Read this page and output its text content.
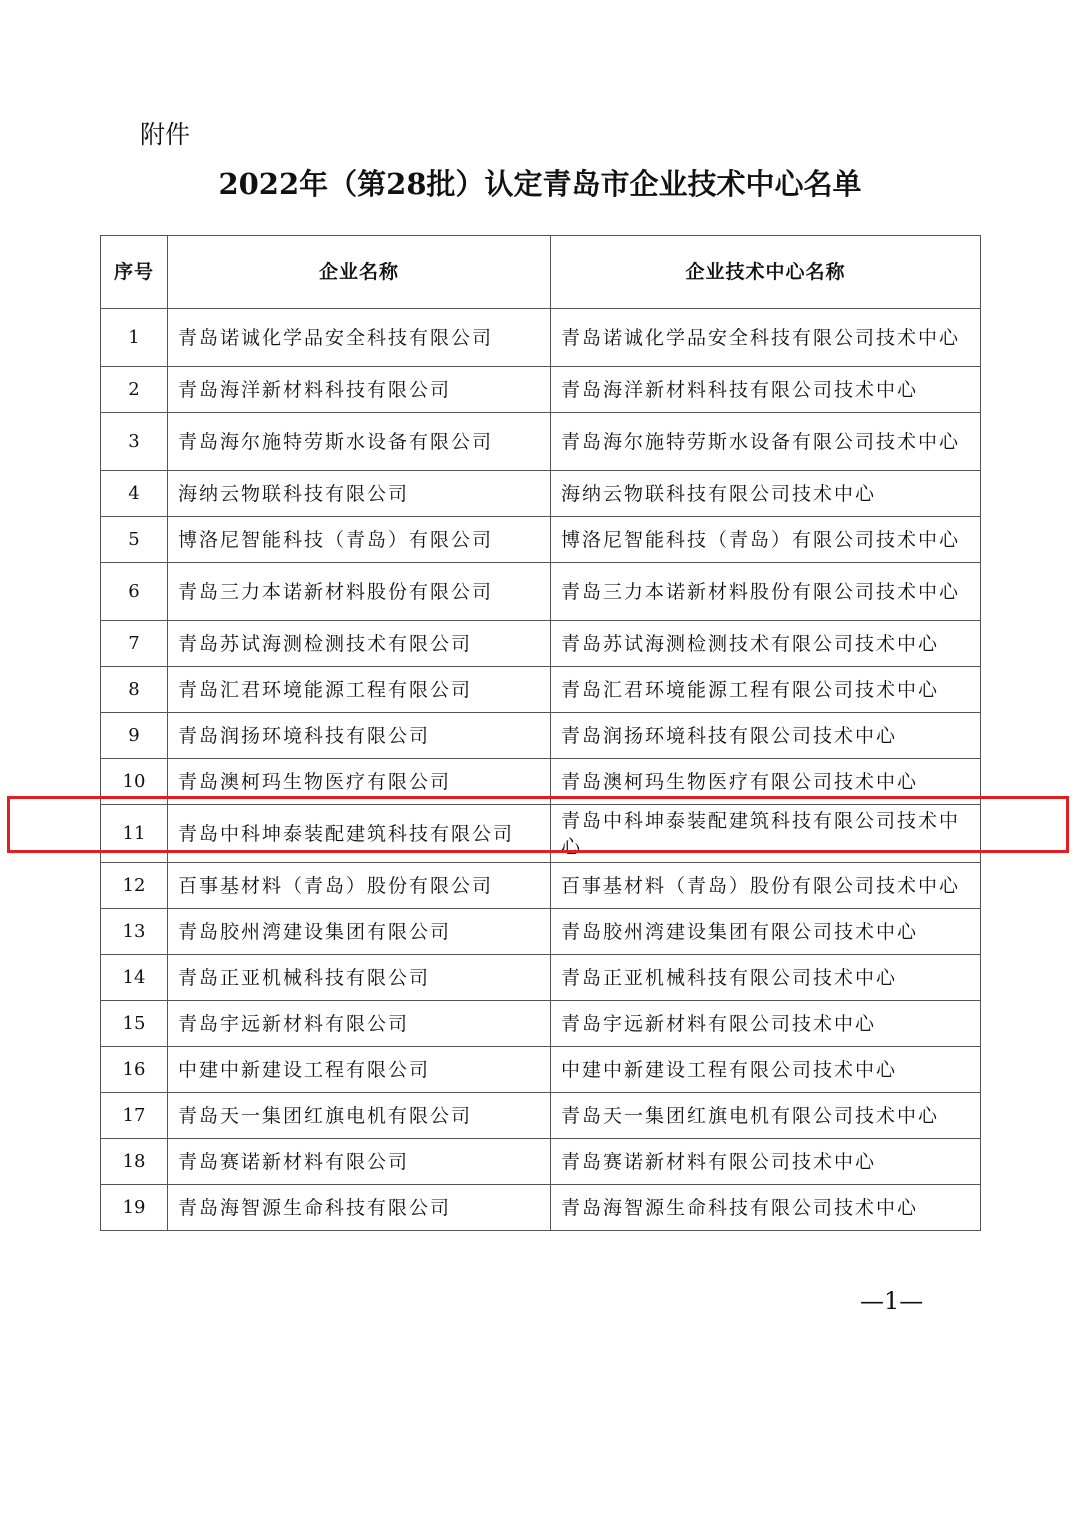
附件

2022年（第28批）认定青岛市企业技术中心名单
序号	企业名称	企业技术中心名称
1	青岛诺诚化学品安全科技有限公司	青岛诺诚化学品安全科技有限公司技术中心
2	青岛海洋新材料科技有限公司	青岛海洋新材料科技有限公司技术中心
3	青岛海尔施特劳斯水设备有限公司	青岛海尔施特劳斯水设备有限公司技术中心
4	海纳云物联科技有限公司	海纳云物联科技有限公司技术中心
5	博洛尼智能科技（青岛）有限公司	博洛尼智能科技（青岛）有限公司技术中心
6	青岛三力本诺新材料股份有限公司	青岛三力本诺新材料股份有限公司技术中心
7	青岛苏试海测检测技术有限公司	青岛苏试海测检测技术有限公司技术中心
8	青岛汇君环境能源工程有限公司	青岛汇君环境能源工程有限公司技术中心
9	青岛润扬环境科技有限公司	青岛润扬环境科技有限公司技术中心
10	青岛澳柯玛生物医疗有限公司	青岛澳柯玛生物医疗有限公司技术中心
11	青岛中科坤泰装配建筑科技有限公司	青岛中科坤泰装配建筑科技有限公司技术中心
12	百事基材料（青岛）股份有限公司	百事基材料（青岛）股份有限公司技术中心
13	青岛胶州湾建设集团有限公司	青岛胶州湾建设集团有限公司技术中心
14	青岛正亚机械科技有限公司	青岛正亚机械科技有限公司技术中心
15	青岛宇远新材料有限公司	青岛宇远新材料有限公司技术中心
16	中建中新建设工程有限公司	中建中新建设工程有限公司技术中心
17	青岛天一集团红旗电机有限公司	青岛天一集团红旗电机有限公司技术中心
18	青岛赛诺新材料有限公司	青岛赛诺新材料有限公司技术中心
19	青岛海智源生命科技有限公司	青岛海智源生命科技有限公司技术中心

—1—
